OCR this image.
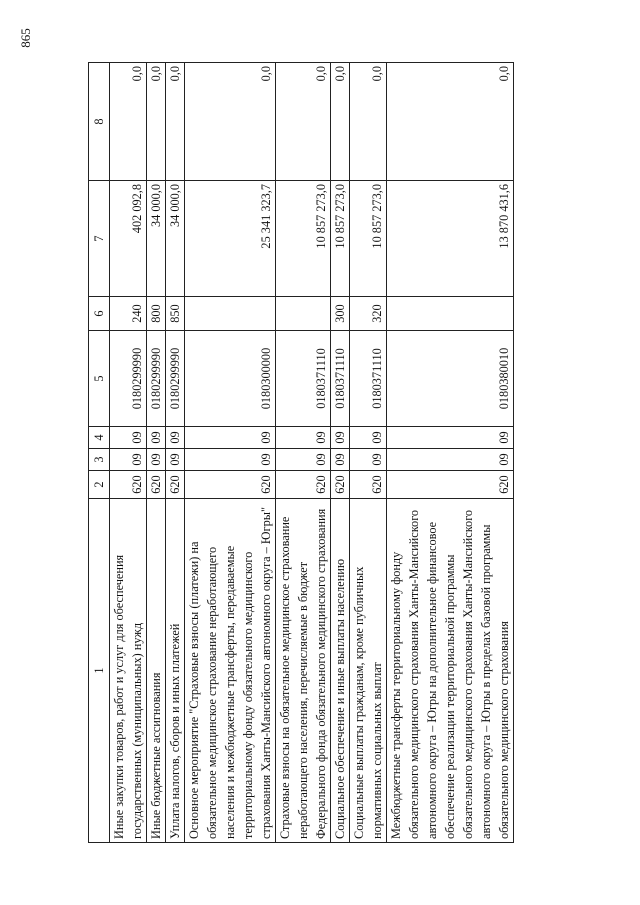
865
1	2	3	4	5	6	7	8
Иные закупки товаров, работ и услуг для обеспечения государственных (муниципальных) нужд	620	09	09	0180299990	240	402 092,8	0,0
Иные бюджетные ассигнования	620	09	09	0180299990	800	34 000,0	0,0
Уплата налогов, сборов и иных платежей	620	09	09	0180299990	850	34 000,0	0,0
Основное мероприятие "Страховые взносы (платежи) на обязательное медицинское страхование неработающего населения и межбюджетные трансферты, передаваемые территориальному фонду обязательного медицинского страхования Ханты-Мансийского автономного округа – Югры"	620	09	09	0180300000		25 341 323,7	0,0
Страховые взносы на обязательное медицинское страхование неработающего населения, перечисляемые в бюджет Федерального фонда обязательного медицинского страхования	620	09	09	0180371110		10 857 273,0	0,0
Социальное обеспечение и иные выплаты населению	620	09	09	0180371110	300	10 857 273,0	0,0
Социальные выплаты гражданам, кроме публичных нормативных социальных выплат	620	09	09	0180371110	320	10 857 273,0	0,0
Межбюджетные трансферты территориальному фонду обязательного медицинского страхования Ханты-Мансийского автономного округа – Югры на дополнительное финансовое обеспечение реализации территориальной программы обязательного медицинского страхования Ханты-Мансийского автономного округа – Югры в пределах базовой программы обязательного медицинского страхования	620	09	09	0180380010		13 870 431,6	0,0
